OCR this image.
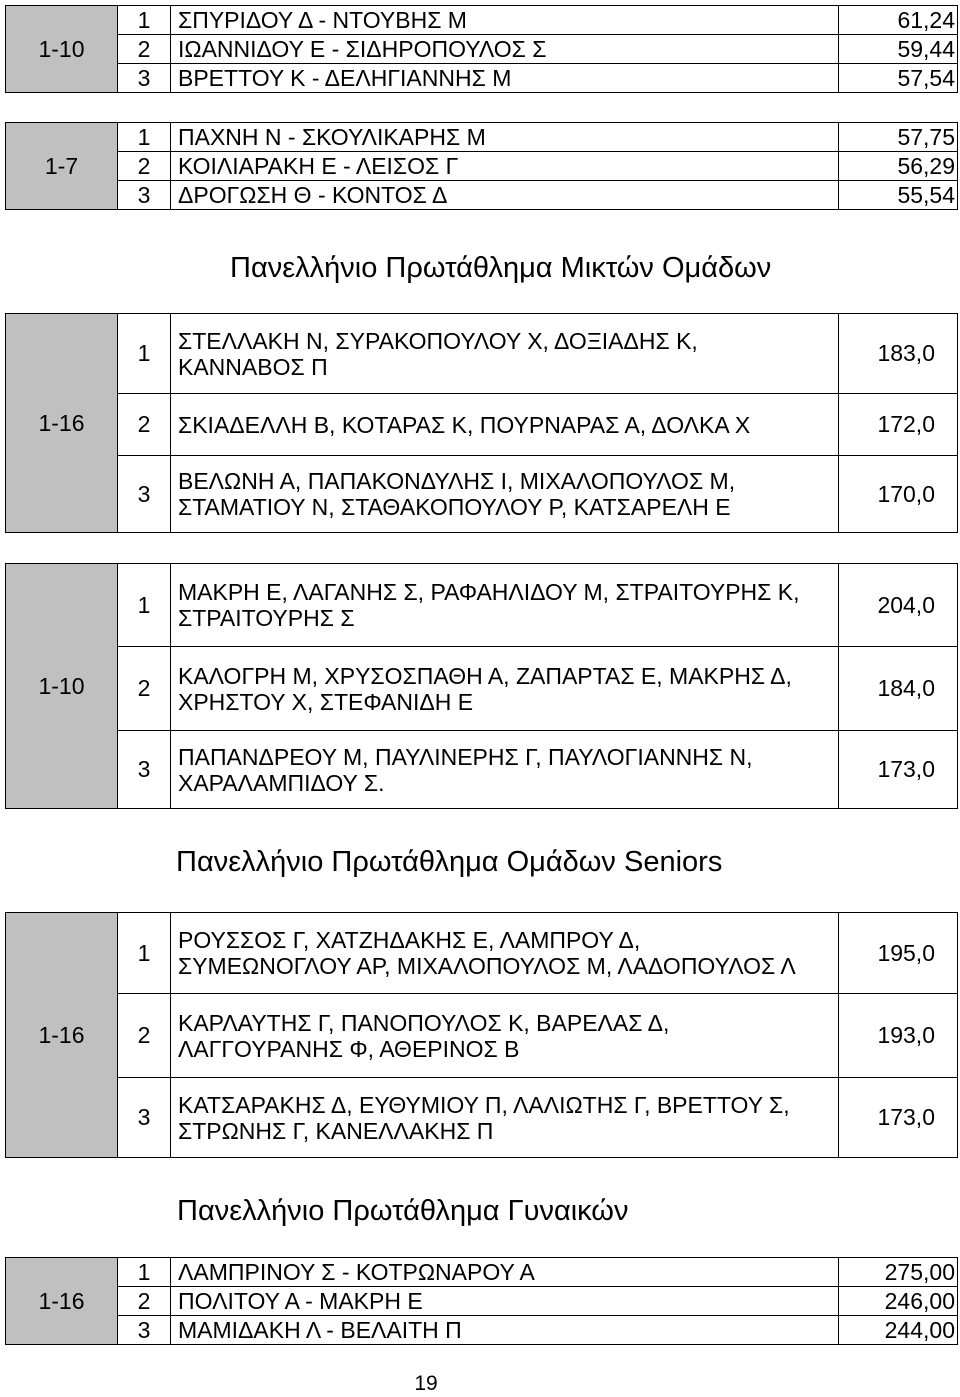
1-10	1	ΣΠΥΡΙΔΟΥ Δ - ΝΤΟΥΒΗΣ Μ	61,24
	2	ΙΩΑΝΝΙΔΟΥ Ε - ΣΙΔΗΡΟΠΟΥΛΟΣ Σ	59,44
	3	ΒΡΕΤΤΟΥ Κ - ΔΕΛΗΓΙΑΝΝΗΣ Μ	57,54
1-7	1	ΠΑΧΝΗ Ν - ΣΚΟΥΛΙΚΑΡΗΣ Μ	57,75
	2	ΚΟΙΛΙΑΡΑΚΗ Ε - ΛΕΙΣΟΣ Γ	56,29
	3	ΔΡΟΓΩΣΗ Θ - ΚΟΝΤΟΣ Δ	55,54
Πανελλήνιο Πρωτάθλημα Μικτών Ομάδων
1-16	1	ΣΤΕΛΛΑΚΗ Ν, ΣΥΡΑΚΟΠΟΥΛΟΥ Χ, ΔΟΞΙΑΔΗΣ Κ,
ΚΑΝΝΑΒΟΣ Π	183,0
	2	ΣΚΙΑΔΕΛΛΗ Β, ΚΟΤΑΡΑΣ Κ, ΠΟΥΡΝΑΡΑΣ Α, ΔΟΛΚΑ Χ	172,0
	3	ΒΕΛΩΝΗ Α, ΠΑΠΑΚΟΝΔΥΛΗΣ Ι, ΜΙΧΑΛΟΠΟΥΛΟΣ Μ,
ΣΤΑΜΑΤΙΟΥ Ν, ΣΤΑΘΑΚΟΠΟΥΛΟΥ Ρ, ΚΑΤΣΑΡΕΛΗ Ε	170,0
1-10	1	ΜΑΚΡΗ Ε, ΛΑΓΑΝΗΣ Σ, ΡΑΦΑΗΛΙΔΟΥ Μ, ΣΤΡΑΙΤΟΥΡΗΣ Κ,
ΣΤΡΑΙΤΟΥΡΗΣ Σ	204,0
	2	ΚΑΛΟΓΡΗ Μ, ΧΡΥΣΟΣΠΑΘΗ Α, ΖΑΠΑΡΤΑΣ Ε, ΜΑΚΡΗΣ Δ,
ΧΡΗΣΤΟΥ Χ, ΣΤΕΦΑΝΙΔΗ Ε	184,0
	3	ΠΑΠΑΝΔΡΕΟΥ Μ, ΠΑΥΛΙΝΕΡΗΣ Γ, ΠΑΥΛΟΓΙΑΝΝΗΣ Ν,
ΧΑΡΑΛΑΜΠΙΔΟΥ Σ.	173,0
Πανελλήνιο Πρωτάθλημα Ομάδων Seniors
1-16	1	ΡΟΥΣΣΟΣ Γ, ΧΑΤΖΗΔΑΚΗΣ Ε, ΛΑΜΠΡΟΥ Δ,
ΣΥΜΕΩΝΟΓΛΟΥ ΑΡ, ΜΙΧΑΛΟΠΟΥΛΟΣ Μ, ΛΑΔΟΠΟΥΛΟΣ Λ	195,0
	2	ΚΑΡΛΑΥΤΗΣ Γ, ΠΑΝΟΠΟΥΛΟΣ Κ, ΒΑΡΕΛΑΣ Δ,
ΛΑΓΓΟΥΡΑΝΗΣ Φ, ΑΘΕΡΙΝΟΣ Β	193,0
	3	ΚΑΤΣΑΡΑΚΗΣ Δ, ΕΥΘΥΜΙΟΥ Π, ΛΑΛΙΩΤΗΣ Γ, ΒΡΕΤΤΟΥ Σ,
ΣΤΡΩΝΗΣ Γ, ΚΑΝΕΛΛΑΚΗΣ Π	173,0
Πανελλήνιο Πρωτάθλημα Γυναικών
1-16	1	ΛΑΜΠΡΙΝΟΥ Σ - ΚΟΤΡΩΝΑΡΟΥ Α	275,00
	2	ΠΟΛΙΤΟΥ Α - ΜΑΚΡΗ Ε	246,00
	3	ΜΑΜΙΔΑΚΗ Λ - ΒΕΛΑΙΤΗ Π	244,00
19
